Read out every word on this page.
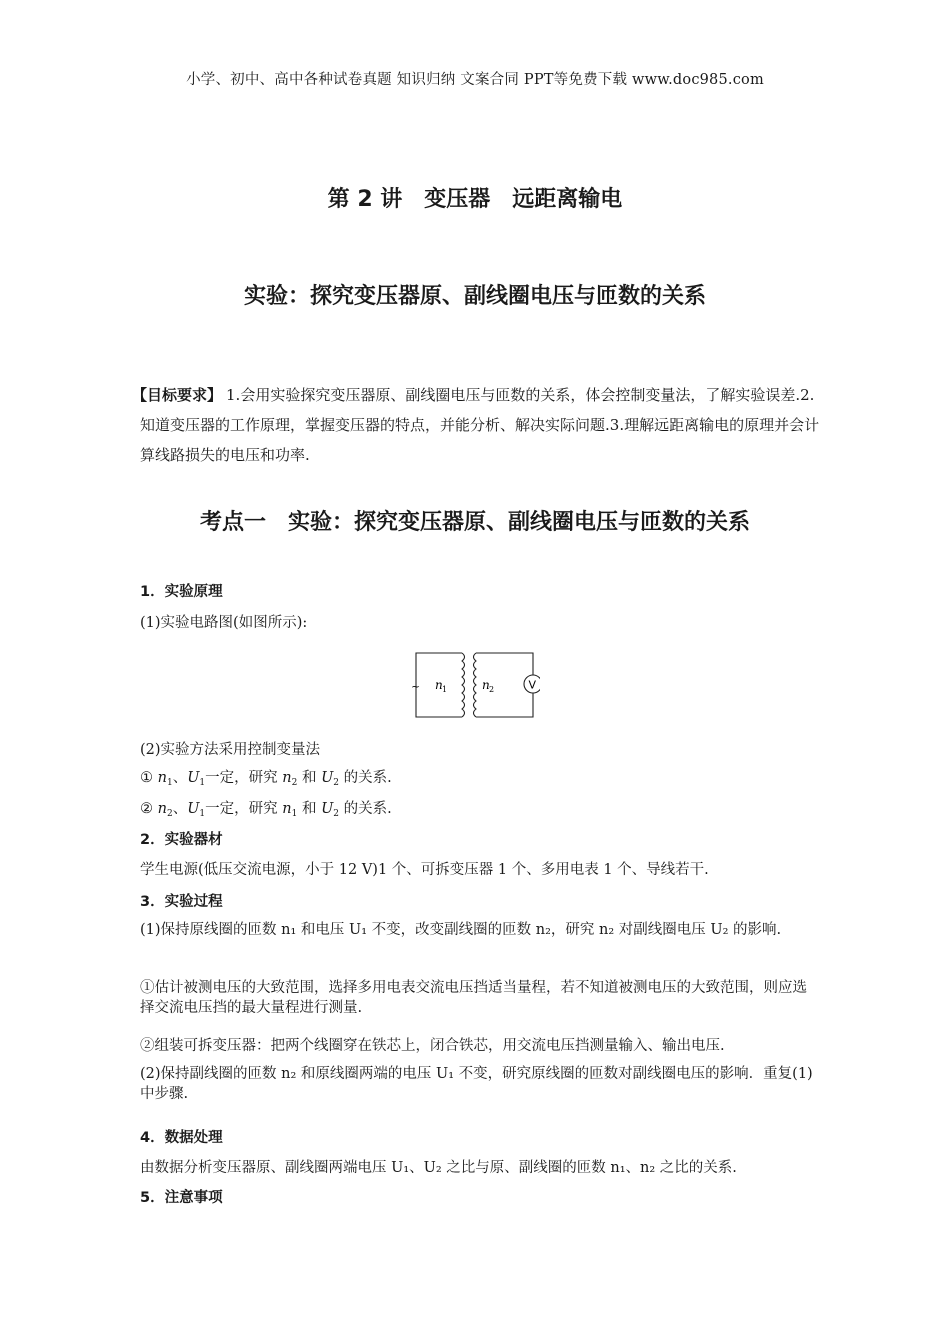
小学、初中、高中各种试卷真题 知识归纳 文案合同 PPT等免费下载 www.doc985.com
第 2 讲　变压器　远距离输电
实验：探究变压器原、副线圈电压与匝数的关系
【目标要求】 1.会用实验探究变压器原、副线圈电压与匝数的关系，体会控制变量法，了解实验误差.2.知道变压器的工作原理，掌握变压器的特点，并能分析、解决实际问题.3.理解远距离输电的原理并会计算线路损失的电压和功率.
考点一　实验：探究变压器原、副线圈电压与匝数的关系
1．实验原理
(1)实验电路图(如图所示):
~ n 1	n 2	V
(2)实验方法采用控制变量法
① $n_1$、$U_1$一定，研究 $n_2$ 和 $U_2$ 的关系.
② $n_2$、$U_1$一定，研究 $n_1$ 和 $U_2$ 的关系.
2．实验器材
学生电源(低压交流电源，小于 12 V)1 个、可拆变压器 1 个、多用电表 1 个、导线若干.
3．实验过程
(1)保持原线圈的匝数 n₁ 和电压 U₁ 不变，改变副线圈的匝数 n₂，研究 n₂ 对副线圈电压 U₂ 的影响.
①估计被测电压的大致范围，选择多用电表交流电压挡适当量程，若不知道被测电压的大致范围，则应选择交流电压挡的最大量程进行测量.
②组装可拆变压器：把两个线圈穿在铁芯上，闭合铁芯，用交流电压挡测量输入、输出电压.
(2)保持副线圈的匝数 n₂ 和原线圈两端的电压 U₁ 不变，研究原线圈的匝数对副线圈电压的影响．重复(1)中步骤.
4．数据处理
由数据分析变压器原、副线圈两端电压 U₁、U₂ 之比与原、副线圈的匝数 n₁、n₂ 之比的关系.
5．注意事项
